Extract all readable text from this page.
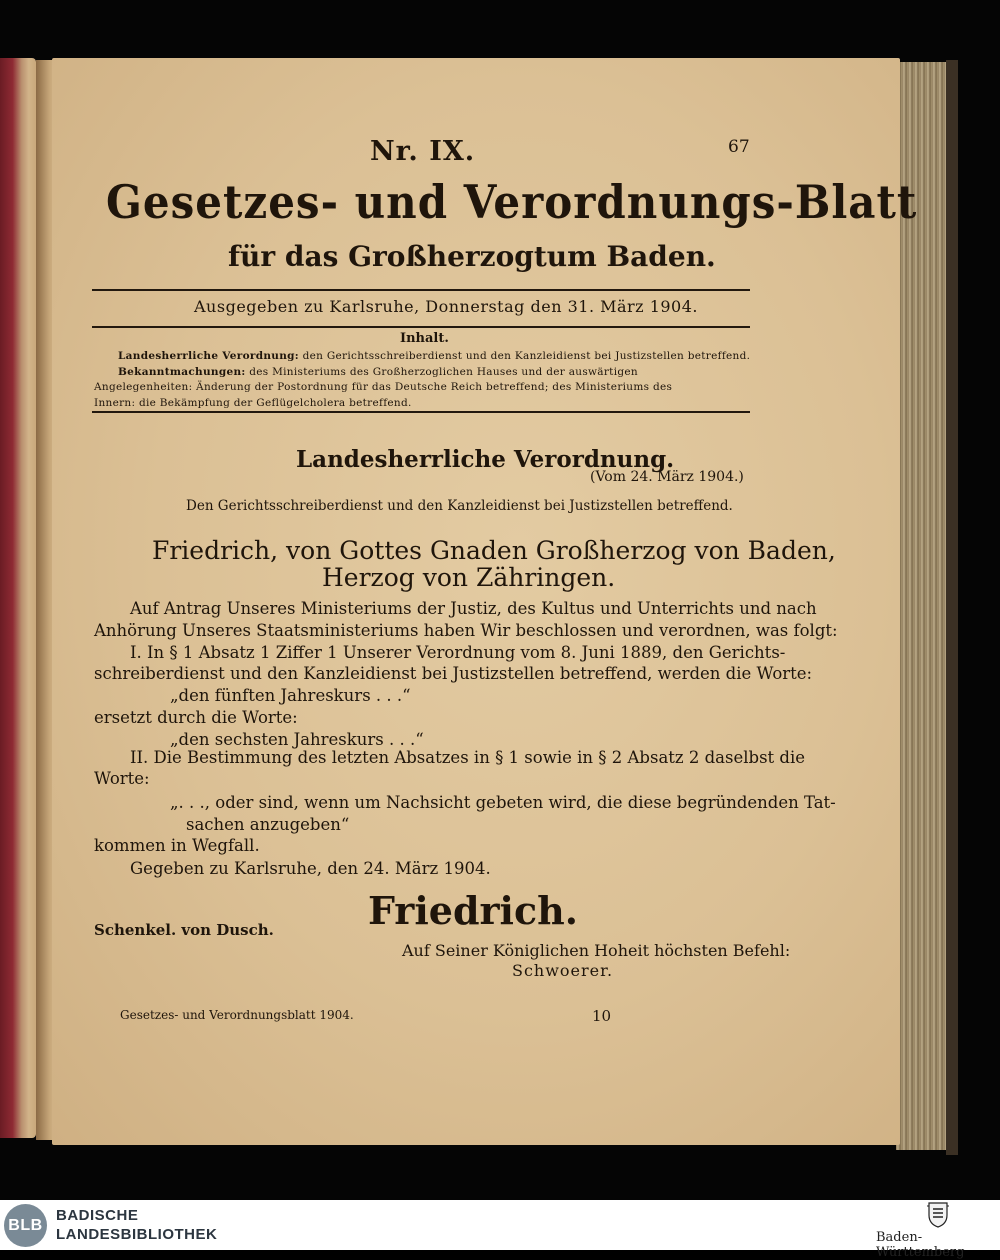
Nr. IX.	67
Gesetzes- und Verordnungs-Blatt
für das Großherzogtum Baden.
Ausgegeben zu Karlsruhe, Donnerstag den 31. März 1904.
Inhalt.
Landesherrliche Verordnung: den Gerichtsschreiberdienst und den Kanzleidienst bei Justizstellen betreffend.
Bekanntmachungen: des Ministeriums des Großherzoglichen Hauses und der auswärtigen
Angelegenheiten: Änderung der Postordnung für das Deutsche Reich betreffend; des Ministeriums des
Innern: die Bekämpfung der Geflügelcholera betreffend.
Landesherrliche Verordnung.
(Vom 24. März 1904.)
Den Gerichtsschreiberdienst und den Kanzleidienst bei Justizstellen betreffend.
Friedrich, von Gottes Gnaden Großherzog von Baden,
Herzog von Zähringen.
Auf Antrag Unseres Ministeriums der Justiz, des Kultus und Unterrichts und nach
Anhörung Unseres Staatsministeriums haben Wir beschlossen und verordnen, was folgt:
I. In § 1 Absatz 1 Ziffer 1 Unserer Verordnung vom 8. Juni 1889, den Gerichts-
schreiberdienst und den Kanzleidienst bei Justizstellen betreffend, werden die Worte:
„den fünften Jahreskurs . . .“
ersetzt durch die Worte:
„den sechsten Jahreskurs . . .“
II. Die Bestimmung des letzten Absatzes in § 1 sowie in § 2 Absatz 2 daselbst die
Worte:
„. . ., oder sind, wenn um Nachsicht gebeten wird, die diese begründenden Tat-
sachen anzugeben“
kommen in Wegfall.
Gegeben zu Karlsruhe, den 24. März 1904.
Friedrich.
Schenkel. von Dusch.
Auf Seiner Königlichen Hoheit höchsten Befehl:
Schwoerer.
Gesetzes- und Verordnungsblatt 1904.	10
BLB
BADISCHE
LANDESBIBLIOTHEK	Baden-Württemberg
